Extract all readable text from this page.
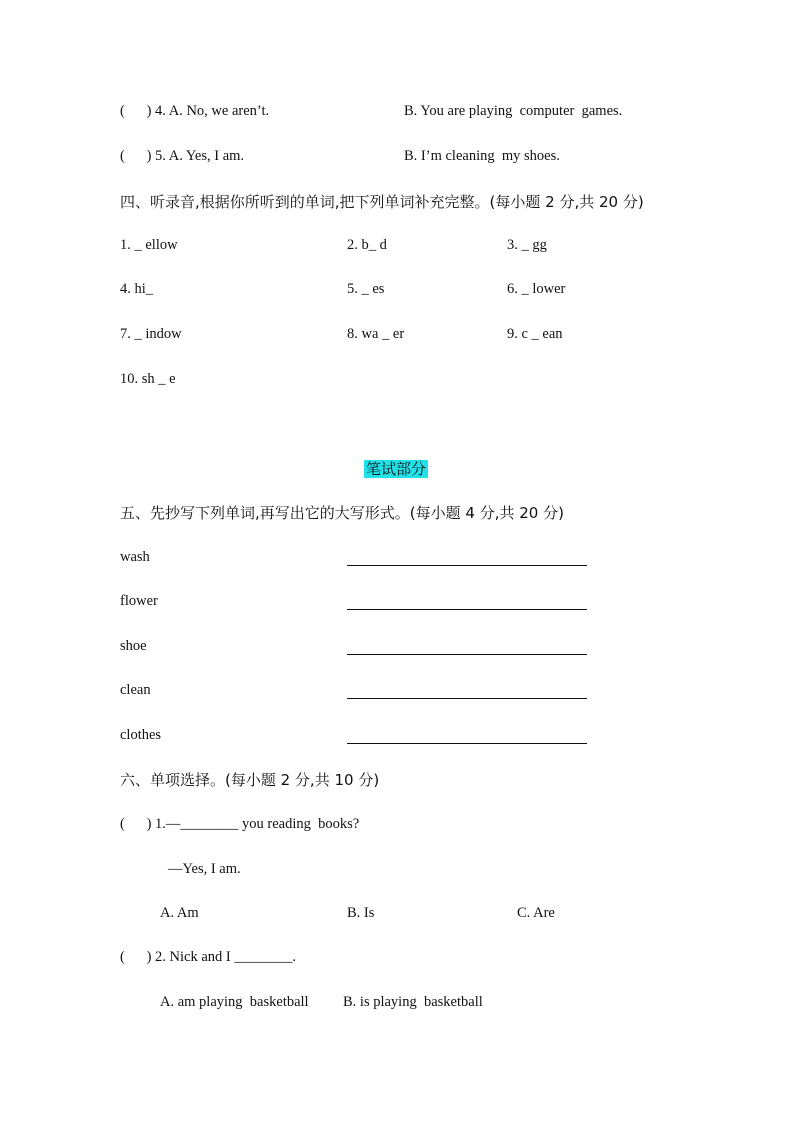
(      ) 4. A. No, we aren’t.	B. You are playing  computer  games.
(      ) 5. A. Yes, I am.	B. I’m cleaning  my shoes.
四、听录音,根据你所听到的单词,把下列单词补充完整。(每小题 2 分,共 20 分)
1. _ ellow	2. b_ d	3. _ gg
4. hi_	5. _ es	6. _ lower
7. _ indow	8. wa _ er	9. c _ ean
10. sh _ e
笔试部分
五、先抄写下列单词,再写出它的大写形式。(每小题 4 分,共 20 分)
wash
flower
shoe
clean
clothes
六、单项选择。(每小题 2 分,共 10 分)
(      ) 1.—________ you reading  books?
—Yes, I am.
A. Am	B. Is	C. Are
(      ) 2. Nick and I ________.
A. am playing  basketball B. is playing  basketball
